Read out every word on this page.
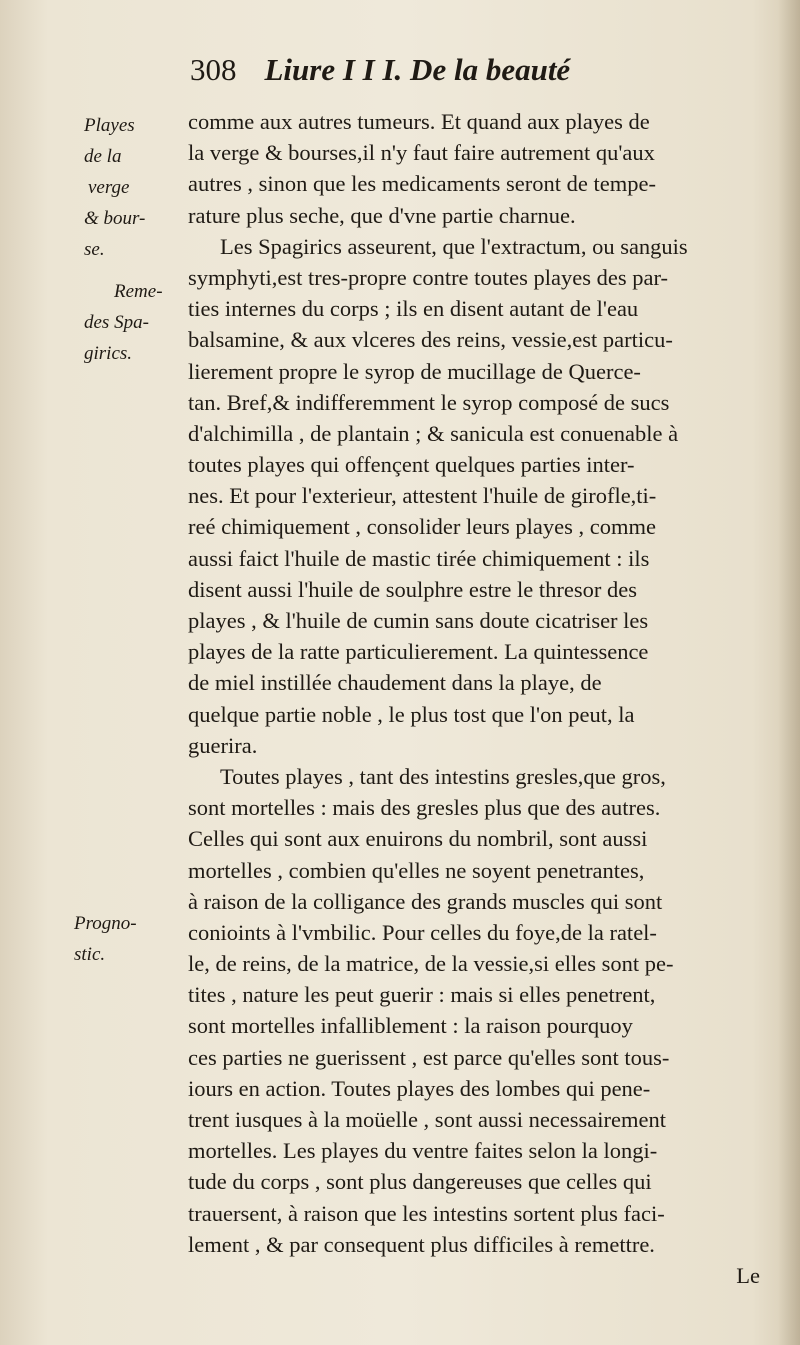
308 Liure I I I. De la beauté
Playes
de la
verge
& bour-
se.
Reme-
des Spa-
girics.
Progno-
stic.
comme aux autres tumeurs. Et quand aux playes de
la verge & bourses,il n'y faut faire autrement qu'aux
autres , sinon que les medicaments seront de tempe-
rature plus seche, que d'vne partie charnue.
Les Spagirics asseurent, que l'extractum, ou sanguis
symphyti,est tres-propre contre toutes playes des par-
ties internes du corps ; ils en disent autant de l'eau
balsamine, & aux vlceres des reins, vessie,est particu-
lierement propre le syrop de mucillage de Querce-
tan. Bref,& indifferemment le syrop composé de sucs
d'alchimilla , de plantain ; & sanicula est conuenable à
toutes playes qui offençent quelques parties inter-
nes. Et pour l'exterieur, attestent l'huile de girofle,ti-
reé chimiquement , consolider leurs playes , comme
aussi faict l'huile de mastic tirée chimiquement : ils
disent aussi l'huile de soulphre estre le thresor des
playes , & l'huile de cumin sans doute cicatriser les
playes de la ratte particulierement. La quintessence
de miel instillée chaudement dans la playe, de
quelque partie noble , le plus tost que l'on peut, la
guerira.
Toutes playes , tant des intestins gresles,que gros,
sont mortelles : mais des gresles plus que des autres.
Celles qui sont aux enuirons du nombril, sont aussi
mortelles , combien qu'elles ne soyent penetrantes,
à raison de la colligance des grands muscles qui sont
conioints à l'vmbilic. Pour celles du foye,de la ratel-
le, de reins, de la matrice, de la vessie,si elles sont pe-
tites , nature les peut guerir : mais si elles penetrent,
sont mortelles infalliblement : la raison pourquoy
ces parties ne guerissent , est parce qu'elles sont tous-
iours en action. Toutes playes des lombes qui pene-
trent iusques à la moüelle , sont aussi necessairement
mortelles. Les playes du ventre faites selon la longi-
tude du corps , sont plus dangereuses que celles qui
trauersent, à raison que les intestins sortent plus faci-
lement , & par consequent plus difficiles à remettre.
Le
